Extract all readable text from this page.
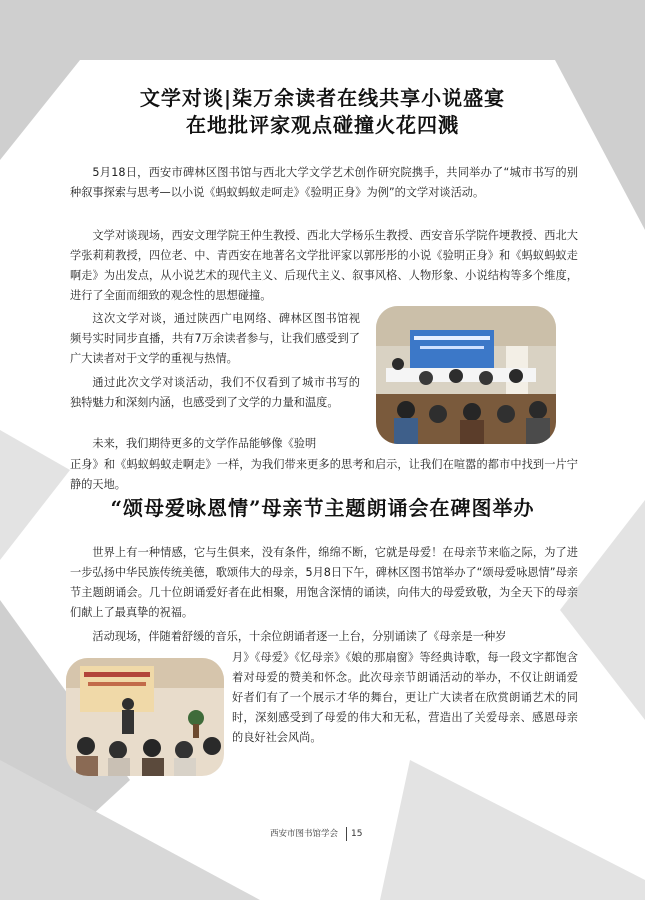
文学对谈|柒万余读者在线共享小说盛宴
在地批评家观点碰撞火花四溅

5月18日，西安市碑林区图书馆与西北大学文学艺术创作研究院携手，共同举办了“城市书写的别种叙事探索与思考—以小说《蚂蚁蚂蚁走呵走》《验明正身》为例”的文学对谈活动。

文学对谈现场，西安文理学院王仲生教授、西北大学杨乐生教授、西安音乐学院仵埂教授、西北大学张莉莉教授，四位老、中、青西安在地著名文学批评家以郭彤彤的小说《验明正身》和《蚂蚁蚂蚁走啊走》为出发点，从小说艺术的现代主义、后现代主义、叙事风格、人物形象、小说结构等多个维度，进行了全面而细致的观念性的思想碰撞。

这次文学对谈，通过陕西广电网络、碑林区图书馆视频号实时同步直播，共有7万余读者参与，让我们感受到了广大读者对于文学的重视与热情。

通过此次文学对谈活动，我们不仅看到了城市书写的独特魅力和深刻内涵，也感受到了文学的力量和温度。

未来，我们期待更多的文学作品能够像《验明

正身》和《蚂蚁蚂蚁走啊走》一样，为我们带来更多的思考和启示，让我们在喧嚣的都市中找到一片宁静的天地。

“颂母爱咏恩情”母亲节主题朗诵会在碑图举办

世界上有一种情感，它与生俱来，没有条件，绵绵不断，它就是母爱！在母亲节来临之际，为了进一步弘扬中华民族传统美德，歌颂伟大的母亲，5月8日下午，碑林区图书馆举办了“颂母爱咏恩情”母亲节主题朗诵会。几十位朗诵爱好者在此相聚，用饱含深情的诵读，向伟大的母爱致敬，为全天下的母亲们献上了最真挚的祝福。

活动现场，伴随着舒缓的音乐，十余位朗诵者逐一上台，分别诵读了《母亲是一种岁

月》《母爱》《忆母亲》《娘的那扇窗》等经典诗歌，每一段文字都饱含着对母爱的赞美和怀念。此次母亲节朗诵活动的举办，不仅让朗诵爱好者们有了一个展示才华的舞台，更让广大读者在欣赏朗诵艺术的同时，深刻感受到了母爱的伟大和无私，营造出了关爱母亲、感恩母亲的良好社会风尚。

西安市图书馆学会	15
